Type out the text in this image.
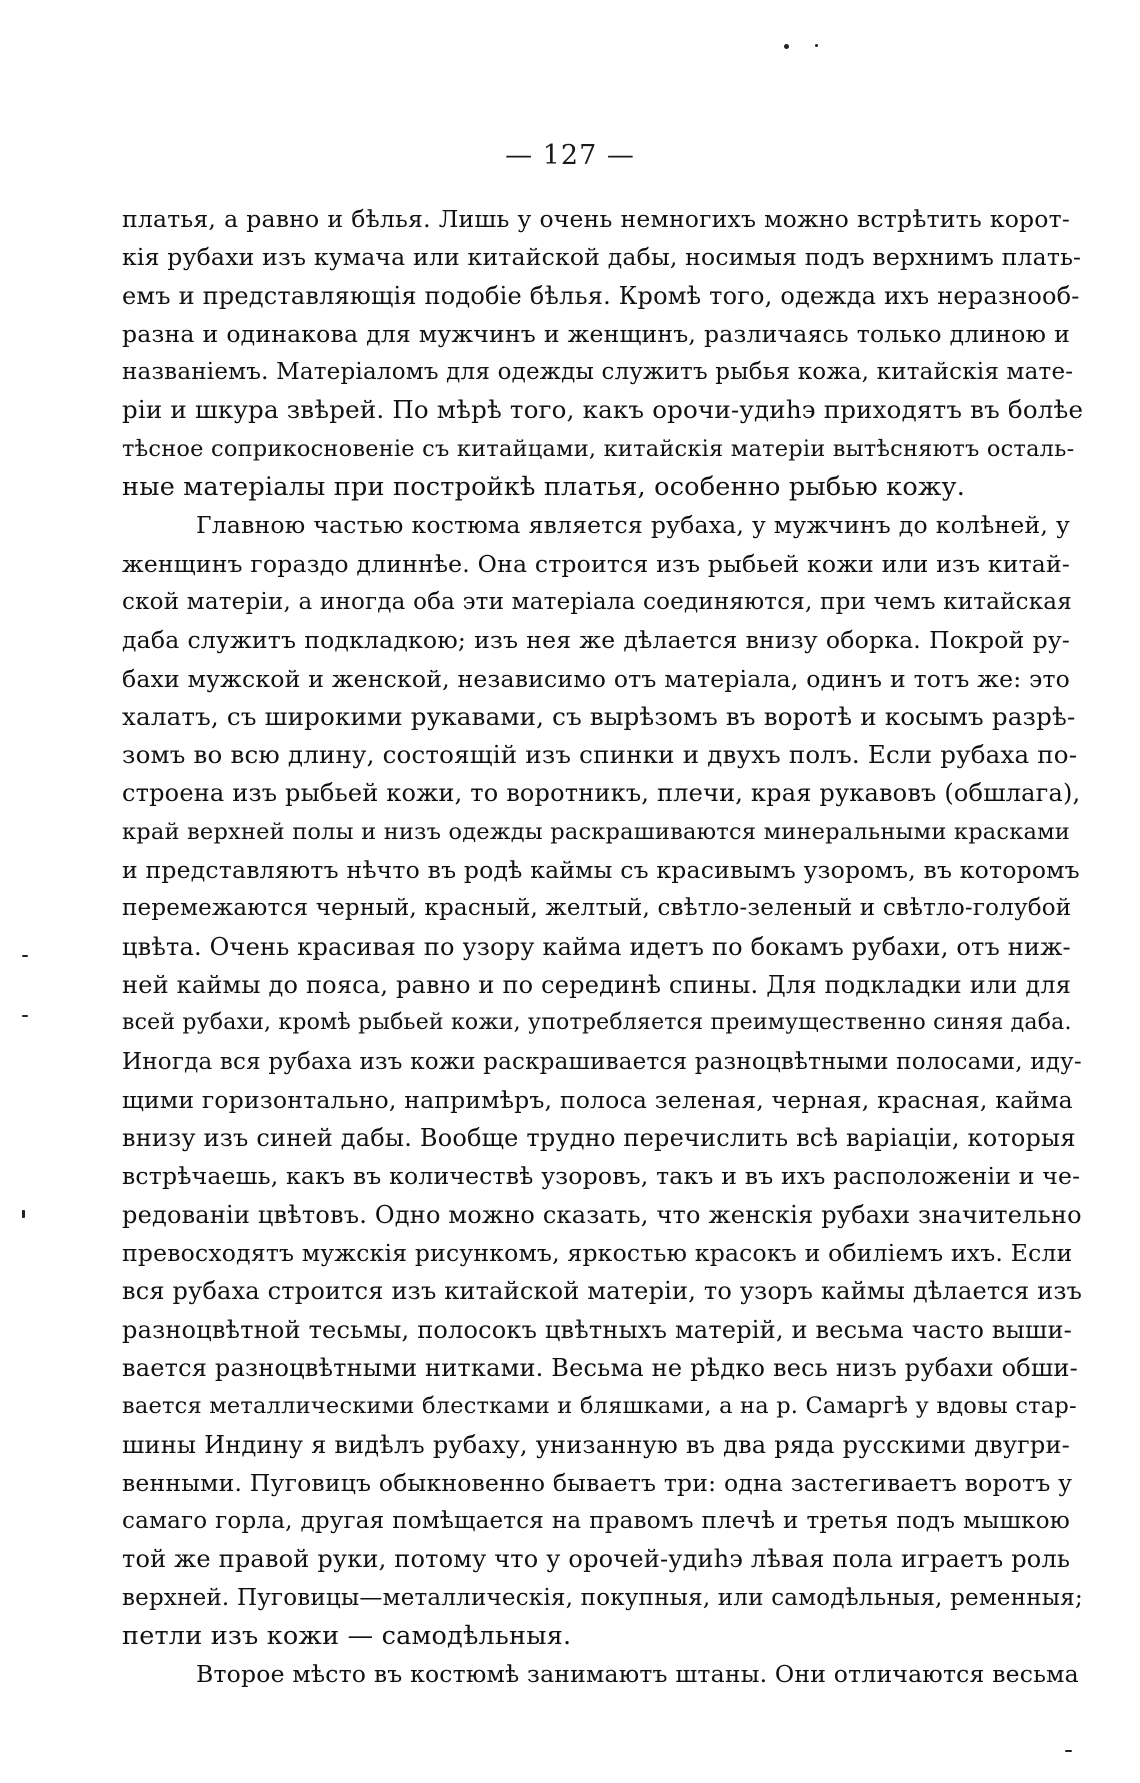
— 127 —
платья, а равно и бѣлья. Лишь у очень немногихъ можно встрѣтить корот-
кія рубахи изъ кумача или китайской дабы, носимыя подъ верхнимъ плать-
емъ и представляющія подобіе бѣлья. Кромѣ того, одежда ихъ неразнооб-
разна и одинакова для мужчинъ и женщинъ, различаясь только длиною и
названіемъ. Матеріаломъ для одежды служитъ рыбья кожа, китайскія мате-
ріи и шкура звѣрей. По мѣрѣ того, какъ орочи-удиһэ приходятъ въ болѣе
тѣсное соприкосновеніе съ китайцами, китайскія матеріи вытѣсняютъ осталь-
ные матеріалы при постройкѣ платья, особенно рыбью кожу.
Главною частью костюма является рубаха, у мужчинъ до колѣней, у
женщинъ гораздо длиннѣе. Она строится изъ рыбьей кожи или изъ китай-
ской матеріи, а иногда оба эти матеріала соединяются, при чемъ китайская
даба служитъ подкладкою; изъ нея же дѣлается внизу оборка. Покрой ру-
бахи мужской и женской, независимо отъ матеріала, одинъ и тотъ же: это
халатъ, съ широкими рукавами, съ вырѣзомъ въ воротѣ и косымъ разрѣ-
зомъ во всю длину, состоящій изъ спинки и двухъ полъ. Если рубаха по-
строена изъ рыбьей кожи, то воротникъ, плечи, края рукавовъ (обшлага),
край верхней полы и низъ одежды раскрашиваются минеральными красками
и представляютъ нѣчто въ родѣ каймы съ красивымъ узоромъ, въ которомъ
перемежаются черный, красный, желтый, свѣтло-зеленый и свѣтло-голубой
цвѣта. Очень красивая по узору кайма идетъ по бокамъ рубахи, отъ ниж-
ней каймы до пояса, равно и по серединѣ спины. Для подкладки или для
всей рубахи, кромѣ рыбьей кожи, употребляется преимущественно синяя даба.
Иногда вся рубаха изъ кожи раскрашивается разноцвѣтными полосами, иду-
щими горизонтально, напримѣръ, полоса зеленая, черная, красная, кайма
внизу изъ синей дабы. Вообще трудно перечислить всѣ варіаціи, которыя
встрѣчаешь, какъ въ количествѣ узоровъ, такъ и въ ихъ расположеніи и че-
редованіи цвѣтовъ. Одно можно сказать, что женскія рубахи значительно
превосходятъ мужскія рисункомъ, яркостью красокъ и обиліемъ ихъ. Если
вся рубаха строится изъ китайской матеріи, то узоръ каймы дѣлается изъ
разноцвѣтной тесьмы, полосокъ цвѣтныхъ матерій, и весьма часто выши-
вается разноцвѣтными нитками. Весьма не рѣдко весь низъ рубахи обши-
вается металлическими блестками и бляшками, а на р. Самаргѣ у вдовы стар-
шины Индину я видѣлъ рубаху, унизанную въ два ряда русскими двугри-
венными. Пуговицъ обыкновенно бываетъ три: одна застегиваетъ воротъ у
самаго горла, другая помѣщается на правомъ плечѣ и третья подъ мышкою
той же правой руки, потому что у орочей-удиһэ лѣвая пола играетъ роль
верхней. Пуговицы—металлическія, покупныя, или самодѣльныя, ременныя;
петли изъ кожи — самодѣльныя.
Второе мѣсто въ костюмѣ занимаютъ штаны. Они отличаются весьма
